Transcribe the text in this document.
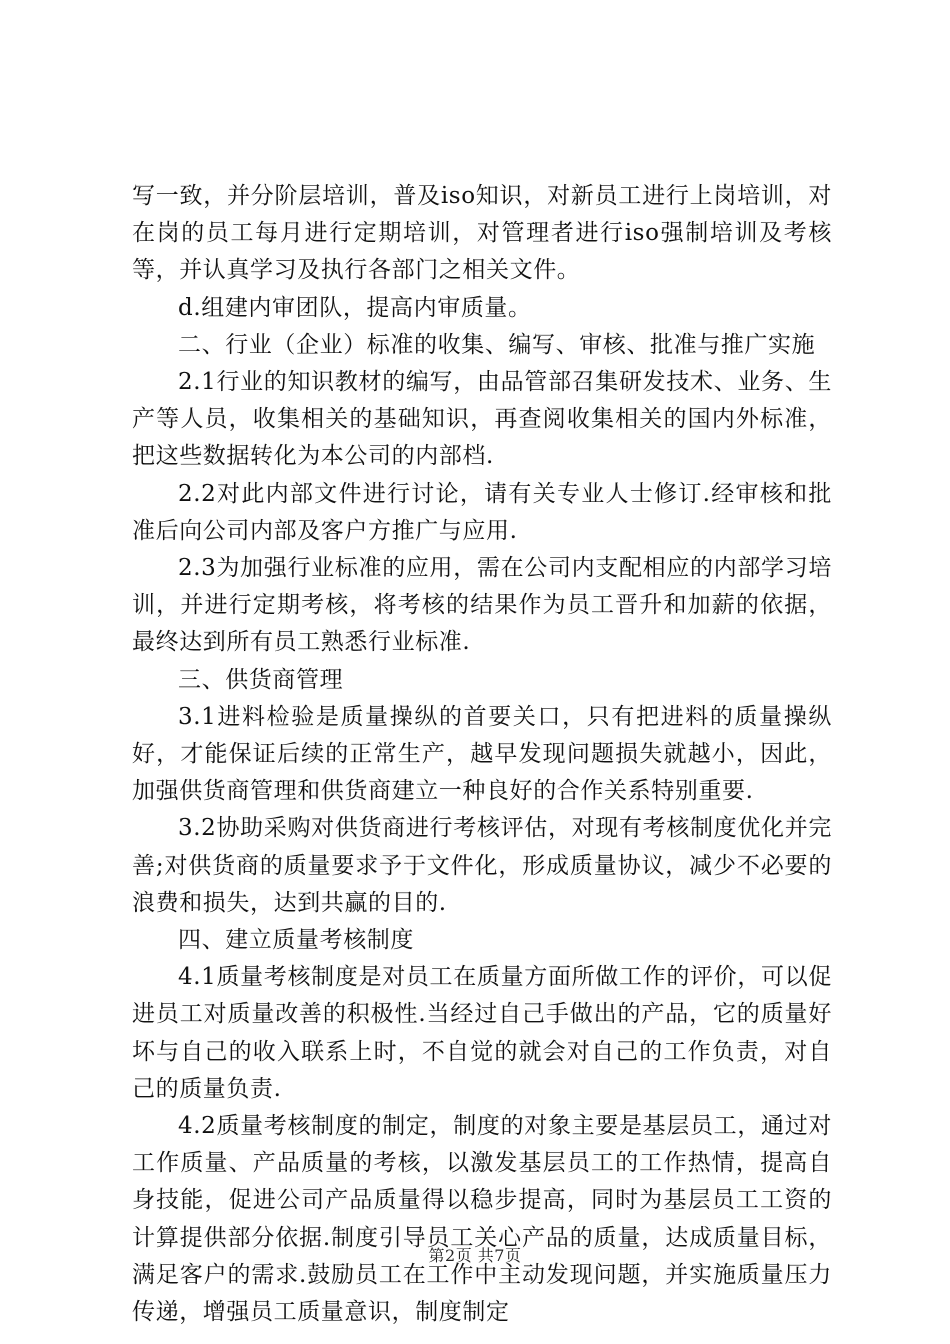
写一致，并分阶层培训，普及iso知识，对新员工进行上岗培训，对在岗的员工每月进行定期培训，对管理者进行iso强制培训及考核等，并认真学习及执行各部门之相关文件。

d.组建内审团队，提高内审质量。

二、行业（企业）标准的收集、编写、审核、批准与推广实施

2.1行业的知识教材的编写，由品管部召集研发技术、业务、生产等人员，收集相关的基础知识，再查阅收集相关的国内外标准，把这些数据转化为本公司的内部档.

2.2对此内部文件进行讨论，请有关专业人士修订.经审核和批准后向公司内部及客户方推广与应用.

2.3为加强行业标准的应用，需在公司内支配相应的内部学习培训，并进行定期考核，将考核的结果作为员工晋升和加薪的依据，最终达到所有员工熟悉行业标准.

三、供货商管理

3.1进料检验是质量操纵的首要关口，只有把进料的质量操纵好，才能保证后续的正常生产，越早发现问题损失就越小，因此，加强供货商管理和供货商建立一种良好的合作关系特别重要.

3.2协助采购对供货商进行考核评估，对现有考核制度优化并完善;对供货商的质量要求予于文件化，形成质量协议，减少不必要的浪费和损失，达到共赢的目的.

四、建立质量考核制度

4.1质量考核制度是对员工在质量方面所做工作的评价，可以促进员工对质量改善的积极性.当经过自己手做出的产品，它的质量好坏与自己的收入联系上时，不自觉的就会对自己的工作负责，对自己的质量负责.

4.2质量考核制度的制定，制度的对象主要是基层员工，通过对工作质量、产品质量的考核，以激发基层员工的工作热情，提高自身技能，促进公司产品质量得以稳步提高，同时为基层员工工资的计算提供部分依据.制度引导员工关心产品的质量，达成质量目标，满足客户的需求.鼓励员工在工作中主动发现问题，并实施质量压力传递，增强员工质量意识，制度制定

第2页 共7页
